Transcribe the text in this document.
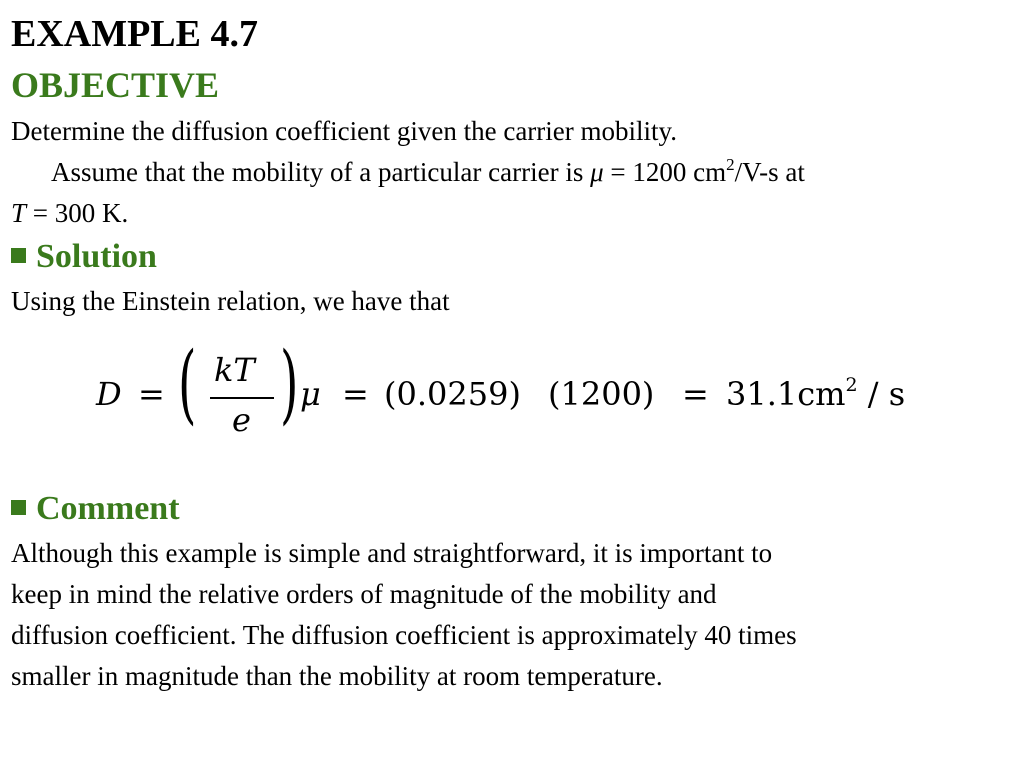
EXAMPLE 4.7
OBJECTIVE
Determine the diffusion coefficient given the carrier mobility.
Assume that the mobility of a particular carrier is μ = 1200 $cm^2/V-s$ at
T = 300 K.
Solution
Using the Einstein relation, we have that
D = ( kT
e ) μ = (0.0259) $(1200) = 31.1cm^2 / s$
Comment
Although this example is simple and straightforward, it is important to
keep in mind the relative orders of magnitude of the mobility and
diffusion coefficient. The diffusion coefficient is approximately 40 times
smaller in magnitude than the mobility at room temperature.
